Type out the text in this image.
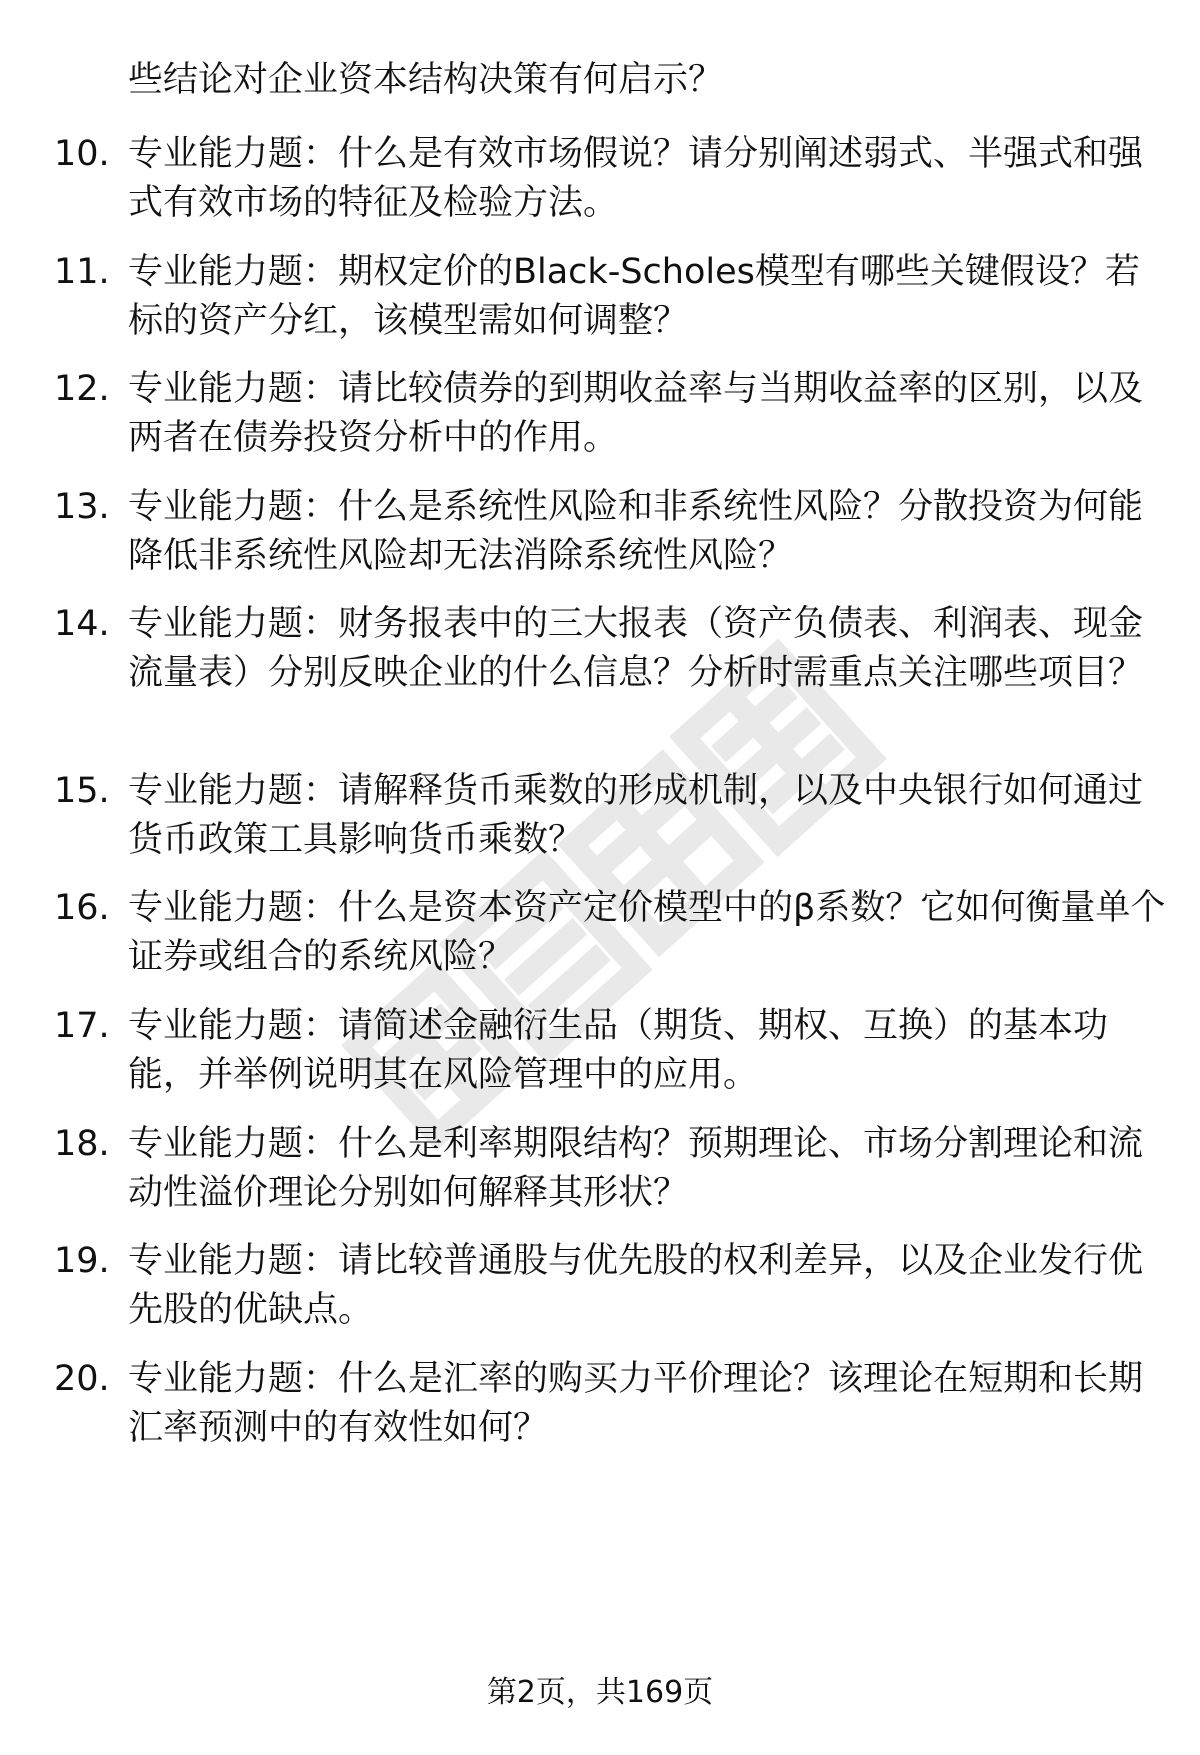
些结论对企业资本结构决策有何启示？
10. 专业能力题：什么是有效市场假说？请分别阐述弱式、半强式和强式有效市场的特征及检验方法。
11. 专业能力题：期权定价的Black-Scholes模型有哪些关键假设？若标的资产分红，该模型需如何调整？
12. 专业能力题：请比较债券的到期收益率与当期收益率的区别，以及两者在债券投资分析中的作用。
13. 专业能力题：什么是系统性风险和非系统性风险？分散投资为何能降低非系统性风险却无法消除系统性风险？
14. 专业能力题：财务报表中的三大报表（资产负债表、利润表、现金流量表）分别反映企业的什么信息？分析时需重点关注哪些项目？
15. 专业能力题：请解释货币乘数的形成机制，以及中央银行如何通过货币政策工具影响货币乘数？
16. 专业能力题：什么是资本资产定价模型中的β系数？它如何衡量单个证券或组合的系统风险？
17. 专业能力题：请简述金融衍生品（期货、期权、互换）的基本功能，并举例说明其在风险管理中的应用。
18. 专业能力题：什么是利率期限结构？预期理论、市场分割理论和流动性溢价理论分别如何解释其形状？
19. 专业能力题：请比较普通股与优先股的权利差异，以及企业发行优先股的优缺点。
20. 专业能力题：什么是汇率的购买力平价理论？该理论在短期和长期汇率预测中的有效性如何？
第2页，共169页
